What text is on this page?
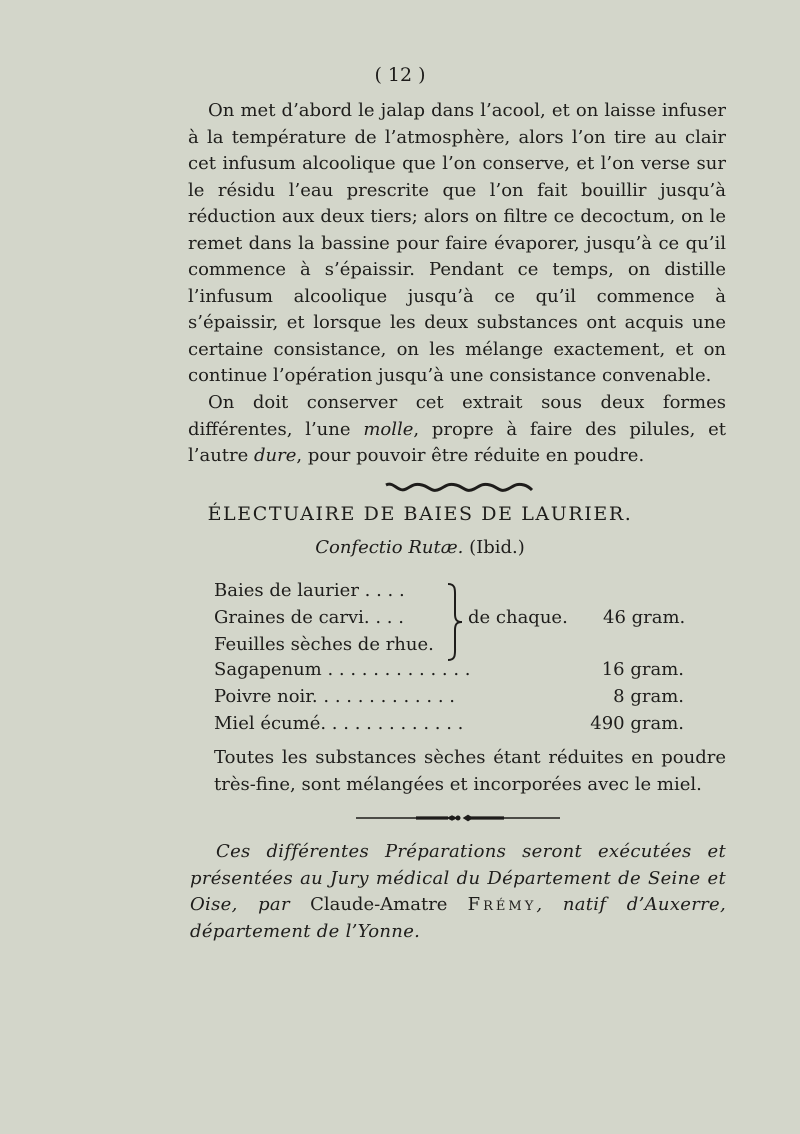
( 12 )
On met d’abord le jalap dans l’acool, et on laisse infuser à la température de l’atmosphère, alors l’on tire au clair cet infusum alcoolique que l’on conserve, et l’on verse sur le résidu l’eau prescrite que l’on fait bouillir jusqu’à réduction aux deux tiers; alors on filtre ce decoctum, on le remet dans la bassine pour faire évaporer, jusqu’à ce qu’il commence à s’épaissir. Pendant ce temps, on distille l’infusum alcoolique jusqu’à ce qu’il commence à s’épaissir, et lorsque les deux substances ont acquis une certaine consistance, on les mélange exactement, et on continue l’opération jusqu’à une consistance convenable.
On doit conserver cet extrait sous deux formes différentes, l’une molle, propre à faire des pilules, et l’autre dure, pour pouvoir être réduite en poudre.
ÉLECTUAIRE DE BAIES DE LAURIER.
Confectio Rutæ. (Ibid.)
Baies de laurier . . . .
Graines de carvi. . . .
Feuilles sèches de rhue.
de chaque. 46 gram.
Sagapenum . . . . . . . . . . . . .	16 gram.
Poivre noir. . . . . . . . . . . . .	8 gram.
Miel écumé. . . . . . . . . . . . .	490 gram.
Toutes les substances sèches étant réduites en poudre très-fine, sont mélangées et incorporées avec le miel.
Ces différentes Préparations seront exécutées et présentées au Jury médical du Département de Seine et Oise, par Claude-Amatre Frémy, natif d’Auxerre, département de l’Yonne.
